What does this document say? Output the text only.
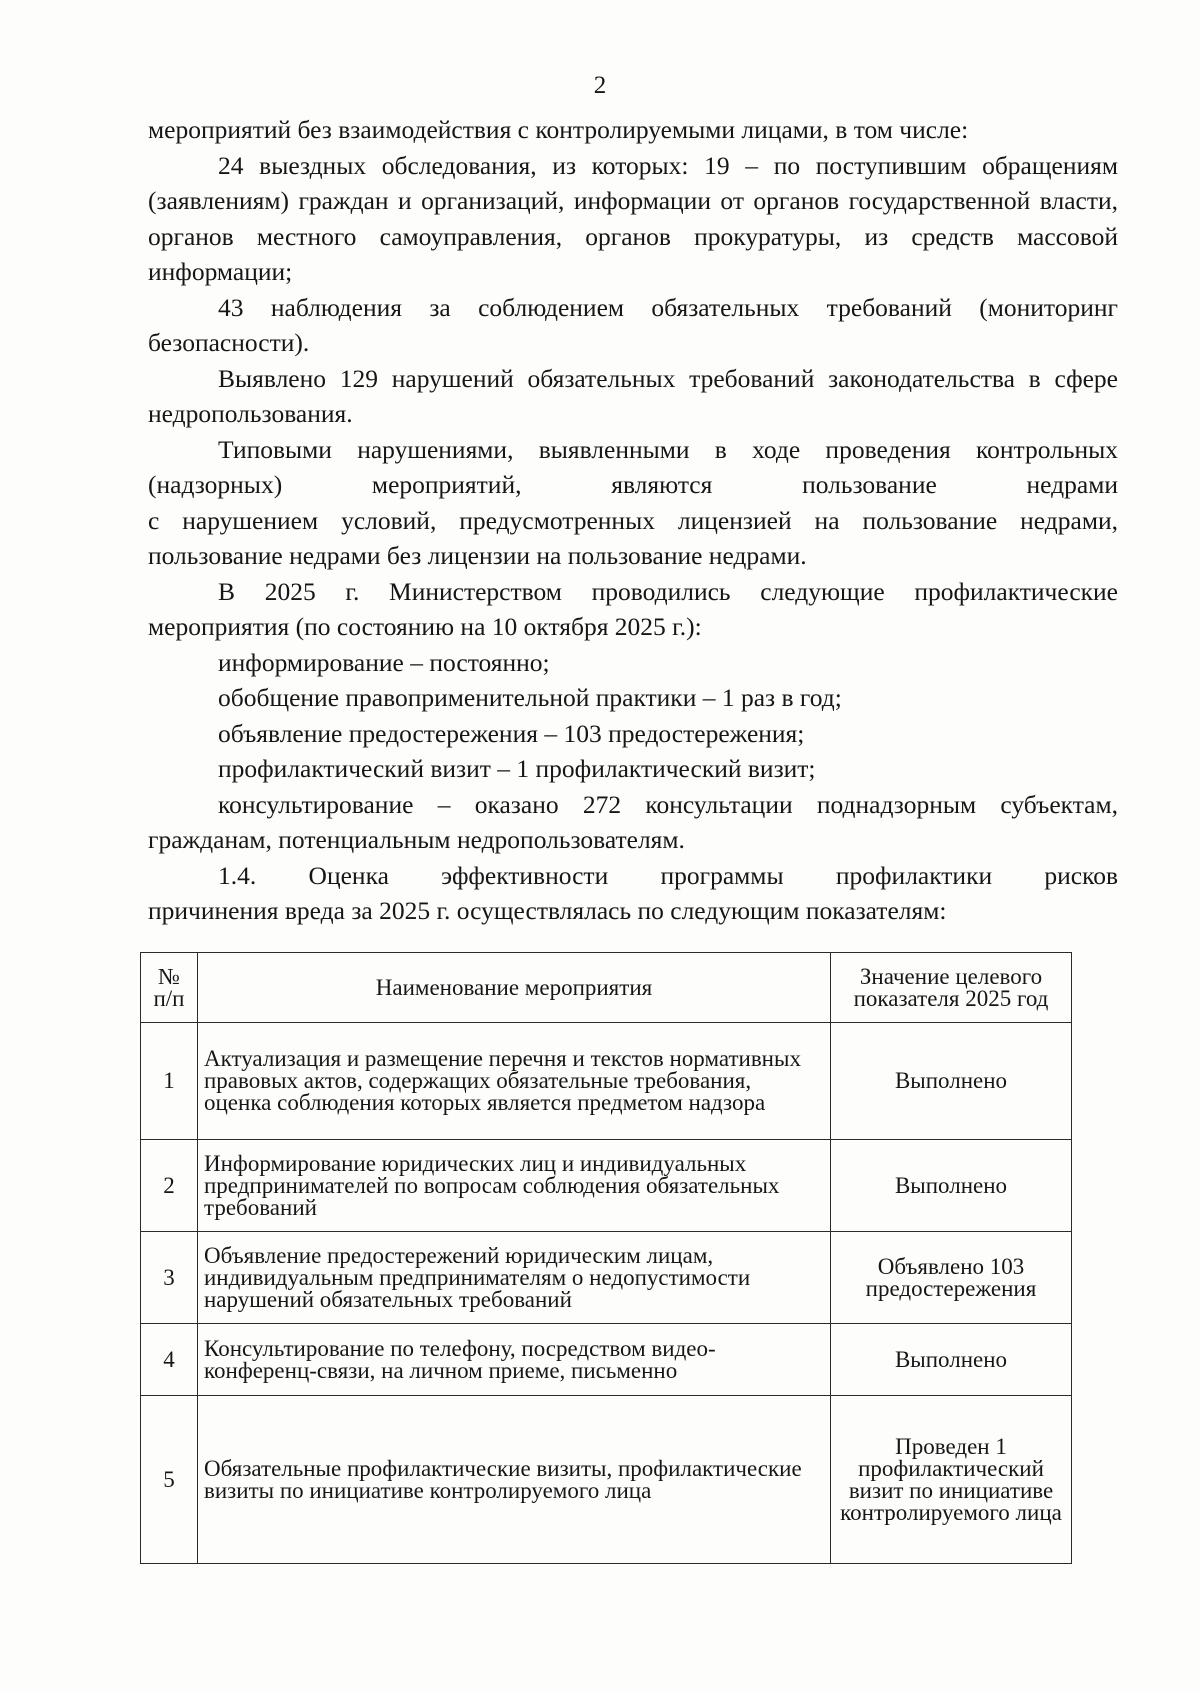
2

мероприятий без взаимодействия с контролируемыми лицами, в том числе:

24 выездных обследования, из которых: 19 – по поступившим обращениям (заявлениям) граждан и организаций, информации от органов государственной власти, органов местного самоуправления, органов прокуратуры, из средств массовой информации;

43 наблюдения за соблюдением обязательных требований (мониторинг безопасности).

Выявлено 129 нарушений обязательных требований законодательства в сфере недропользования.

Типовыми нарушениями, выявленными в ходе проведения контрольных (надзорных) мероприятий, являются пользование недрами

с нарушением условий, предусмотренных лицензией на пользование недрами, пользование недрами без лицензии на пользование недрами.

В 2025 г. Министерством проводились следующие профилактические мероприятия (по состоянию на 10 октября 2025 г.):

информирование – постоянно;

обобщение правоприменительной практики – 1 раз в год;

объявление предостережения – 103 предостережения;

профилактический визит – 1 профилактический визит;

консультирование – оказано 272 консультации поднадзорным субъектам, гражданам, потенциальным недропользователям.

1.4. Оценка эффективности программы профилактики рисков

причинения вреда за 2025 г. осуществлялась по следующим показателям:

№ п/п	Наименование мероприятия	Значение целевого показателя 2025 год
1	Актуализация и размещение перечня и текстов нормативных правовых актов, содержащих обязательные требования, оценка соблюдения которых является предметом надзора	Выполнено
2	Информирование юридических лиц и индивидуальных предпринимателей по вопросам соблюдения обязательных требований	Выполнено
3	Объявление предостережений юридическим лицам, индивидуальным предпринимателям о недопустимости нарушений обязательных требований	Объявлено 103 предостережения
4	Консультирование по телефону, посредством видео-конференц-связи, на личном приеме, письменно	Выполнено
5	Обязательные профилактические визиты, профилактические визиты по инициативе контролируемого лица	Проведен 1 профилактический визит по инициативе контролируемого лица
